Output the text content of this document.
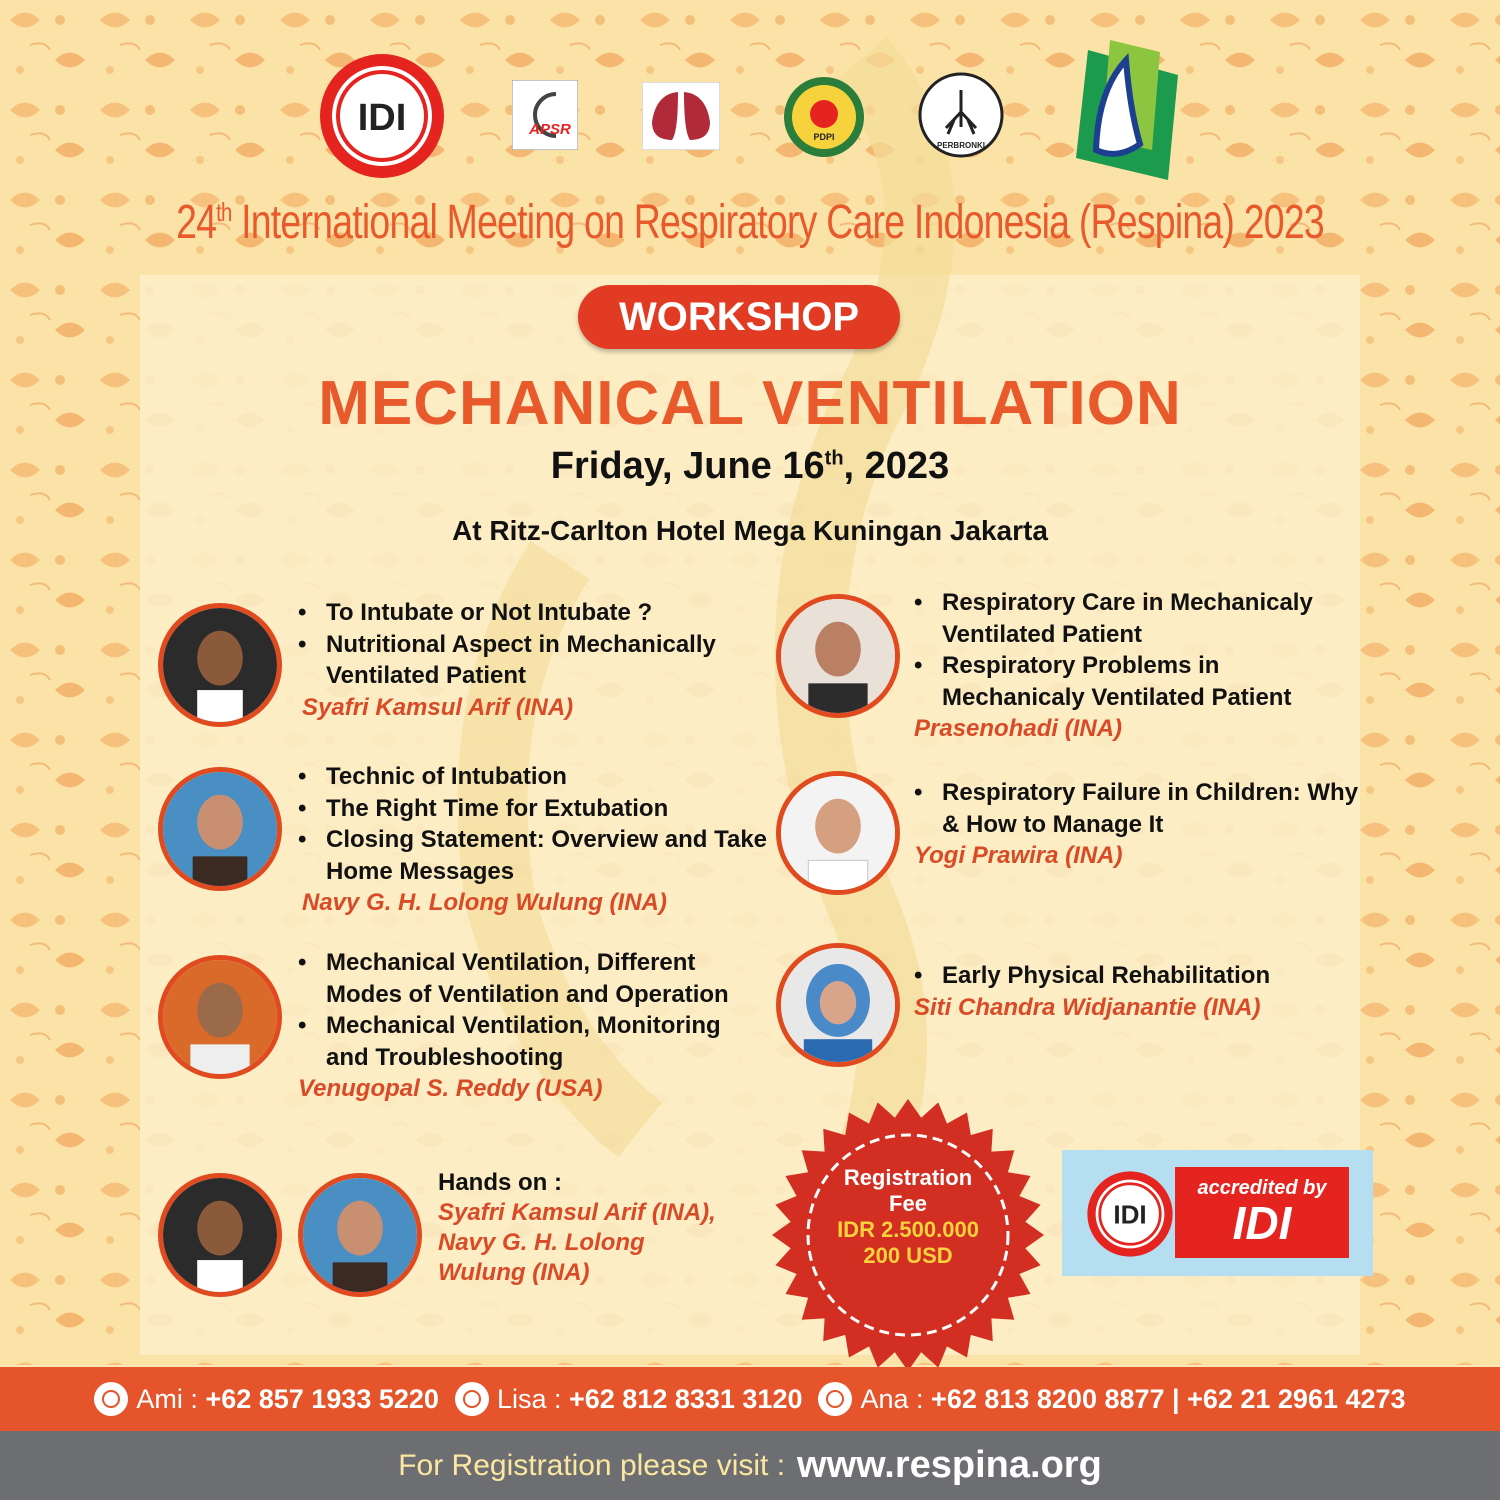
IDI	APSR	PDPI
PERBRONKI
24th International Meeting on Respiratory Care Indonesia (Respina) 2023
WORKSHOP
MECHANICAL VENTILATION
Friday, June 16th, 2023
At Ritz-Carlton Hotel Mega Kuningan Jakarta
• To Intubate or Not Intubate ?
• Nutritional Aspect in Mechanically Ventilated Patient
Syafri Kamsul Arif (INA)
• Technic of Intubation
• The Right Time for Extubation
• Closing Statement: Overview and Take Home Messages
Navy G. H. Lolong Wulung (INA)
• Mechanical Ventilation, Different Modes of Ventilation and Operation
• Mechanical Ventilation, Monitoring and Troubleshooting
Venugopal S. Reddy (USA)
• Respiratory Care in Mechanicaly Ventilated Patient
• Respiratory Problems in Mechanicaly Ventilated Patient
Prasenohadi (INA)
• Respiratory Failure in Children: Why & How to Manage It
Yogi Prawira (INA)
• Early Physical Rehabilitation
Siti Chandra Widjanantie (INA)
Hands on :
Syafri Kamsul Arif (INA),
Navy G. H. Lolong
Wulung (INA)
Registration
Fee
IDR 2.500.000
200 USD
IDI
accredited by
IDI
Ami :
+62 857 1933 5220 Lisa :
+62 812 8331 3120 Ana :
+62 813 8200 8877 | +62 21 2961 4273
For Registration please visit : www.respina.org
